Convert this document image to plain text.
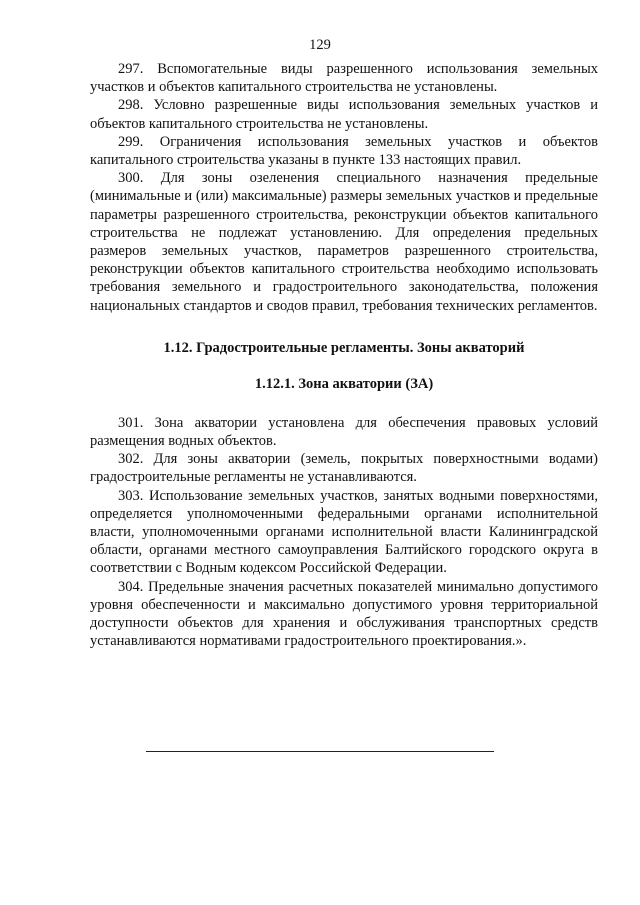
129

297. Вспомогательные виды разрешенного использования земельных участков и объектов капитального строительства не установлены.

298. Условно разрешенные виды использования земельных участков и объектов капитального строительства не установлены.

299. Ограничения использования земельных участков и объектов капитального строительства указаны в пункте 133 настоящих правил.

300. Для зоны озеленения специального назначения предельные (минимальные и (или) максимальные) размеры земельных участков и предельные параметры разрешенного строительства, реконструкции объектов капитального строительства не подлежат установлению. Для определения предельных размеров земельных участков, параметров разрешенного строительства, реконструкции объектов капитального строительства необходимо использовать требования земельного и градостроительного законодательства, положения национальных стандартов и сводов правил, требования технических регламентов.

1.12. Градостроительные регламенты. Зоны акваторий

1.12.1. Зона акватории (ЗА)

301. Зона акватории установлена для обеспечения правовых условий размещения водных объектов.

302. Для зоны акватории (земель, покрытых поверхностными водами) градостроительные регламенты не устанавливаются.

303. Использование земельных участков, занятых водными поверхностями, определяется уполномоченными федеральными органами исполнительной власти, уполномоченными органами исполнительной власти Калининградской области, органами местного самоуправления Балтийского городского округа в соответствии с Водным кодексом Российской Федерации.

304. Предельные значения расчетных показателей минимально допустимого уровня обеспеченности и максимально допустимого уровня территориальной доступности объектов для хранения и обслуживания транспортных средств устанавливаются нормативами градостроительного проектирования.».
